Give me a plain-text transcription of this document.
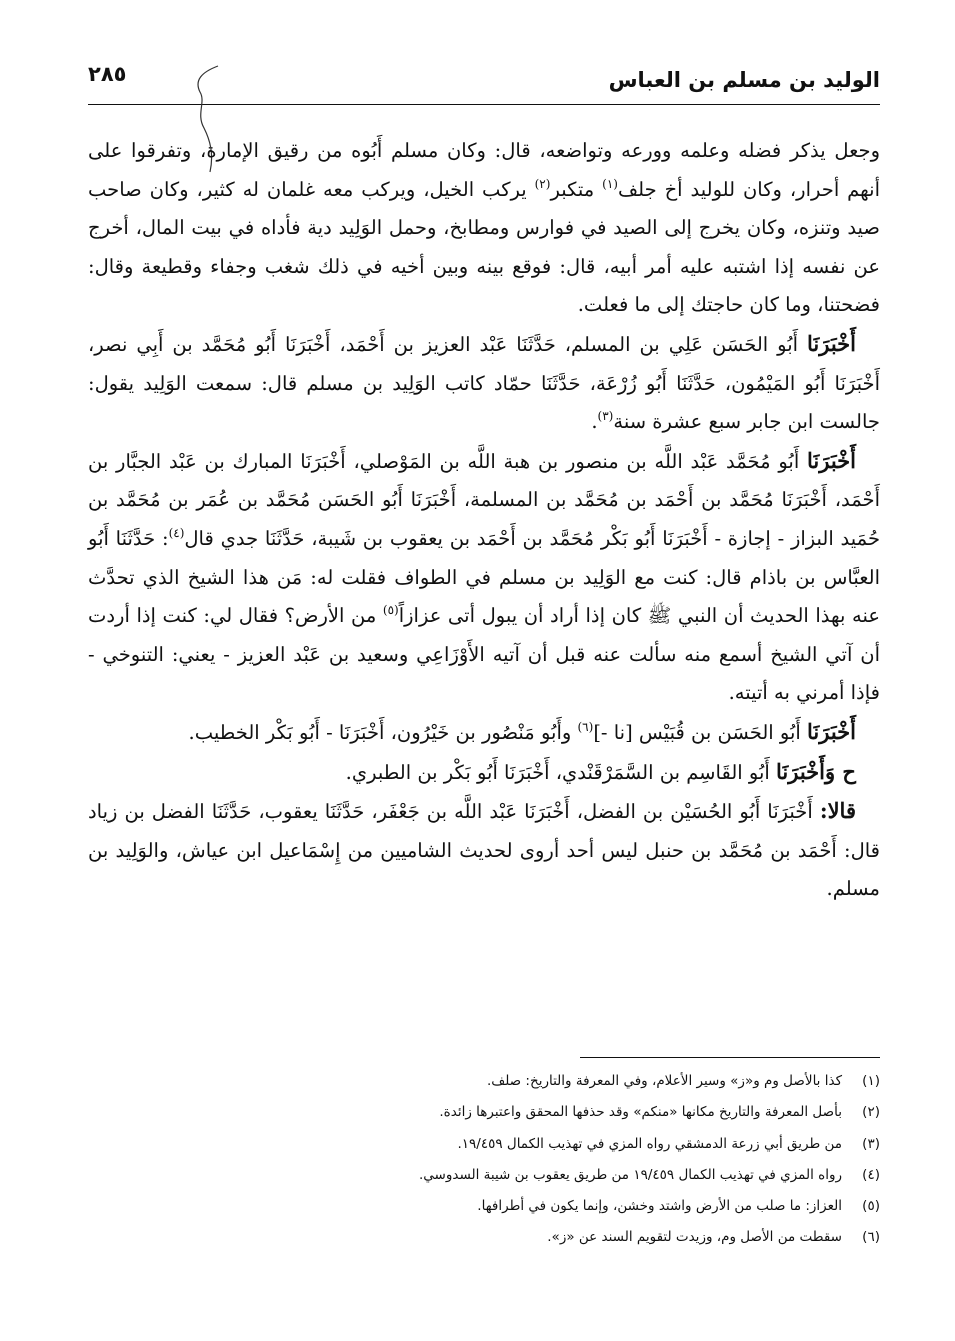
الوليد بن مسلم بن العباس
٢٨٥

وجعل يذكر فضله وعلمه وورعه وتواضعه، قال: وكان مسلم أَبُوه من رقيق الإمارة، وتفرقوا على أنهم أحرار، وكان للوليد أخ جلف$^{(١)}$ متكبر$^{(٢)}$ يركب الخيل، ويركب معه غلمان له كثير، وكان صاحب صيد وتنزه، وكان يخرج إلى الصيد في فوارس ومطابخ، وحمل الوَلِيد دية فأداه في بيت المال، أخرج عن نفسه إذا اشتبه عليه أمر أبيه، قال: فوقع بينه وبين أخيه في ذلك شغب وجفاء وقطيعة وقال: فضحتنا، وما كان حاجتك إلى ما فعلت.

أَخْبَرَنَا أَبُو الحَسَن عَلِي بن المسلم، حَدَّثَنَا عَبْد العزيز بن أَحْمَد، أَخْبَرَنَا أَبُو مُحَمَّد بن أَبِي نصر، أَخْبَرَنَا أَبُو المَيْمُون، حَدَّثَنَا أَبُو زُرْعَة، حَدَّثَنَا حمّاد كاتب الوَلِيد بن مسلم قال: سمعت الوَلِيد يقول: جالست ابن جابر سبع عشرة سنة$^{(٣)}$.

أَخْبَرَنَا أَبُو مُحَمَّد عَبْد اللَّه بن منصور بن هبة اللَّه بن المَوْصلي، أَخْبَرَنَا المبارك بن عَبْد الجبَّار بن أَحْمَد، أَخْبَرَنَا مُحَمَّد بن أَحْمَد بن مُحَمَّد بن المسلمة، أَخْبَرَنَا أَبُو الحَسَن مُحَمَّد بن عُمَر بن مُحَمَّد بن حُمَيد البزاز - إجازة - أَخْبَرَنَا أَبُو بَكْر مُحَمَّد بن أَحْمَد بن يعقوب بن شَيبة، حَدَّثَنَا جدي قال$^{(٤)}$: حَدَّثَنَا أَبُو العبَّاس بن باذام قال: كنت مع الوَلِيد بن مسلم في الطواف فقلت له: مَن هذا الشيخ الذي تحدَّث عنه بهذا الحديث أن النبي ﷺ كان إذا أراد أن يبول أتى عزازاً$^{(٥)}$ من الأرض؟ فقال لي: كنت إذا أردت أن آتي الشيخ أسمع منه سألت عنه قبل أن آتيه الأَوْزَاعِي وسعيد بن عَبْد العزيز - يعني: التنوخي - فإذا أمرني به أتيته.

أَخْبَرَنَا أَبُو الحَسَن بن قُبَيْس [نا -]$^{(٦)}$ وأَبُو مَنْصُور بن خَيْرُون، أَخْبَرَنَا - أَبُو بَكْر الخطيب.

ح وَأَخْبَرَنَا أَبُو القَاسِم بن السَّمَرْقَنْدي، أَخْبَرَنَا أَبُو بَكْر بن الطبري.

قالا: أَخْبَرَنَا أَبُو الحُسَيْن بن الفضل، أَخْبَرَنَا عَبْد اللَّه بن جَعْفَر، حَدَّثَنَا يعقوب، حَدَّثَنَا الفضل بن زياد قال: أَحْمَد بن مُحَمَّد بن حنبل ليس أحد أروى لحديث الشاميين من إِسْمَاعيل ابن عياش، والوَلِيد بن مسلم.

(١)كذا بالأصل وم و«ز» وسير الأعلام، وفي المعرفة والتاريخ: صلف.
(٢)بأصل المعرفة والتاريخ مكانها «منكم» وقد حذفها المحقق واعتبرها زائدة.
(٣)من طريق أبي زرعة الدمشقي رواه المزي في تهذيب الكمال ١٩/٤٥٩.
(٤)رواه المزي في تهذيب الكمال ١٩/٤٥٩ من طريق يعقوب بن شيبة السدوسي.
(٥)العزاز: ما صلب من الأرض واشتد وخشن، وإنما يكون في أطرافها.
(٦)سقطت من الأصل وم، وزيدت لتقويم السند عن «ز».
